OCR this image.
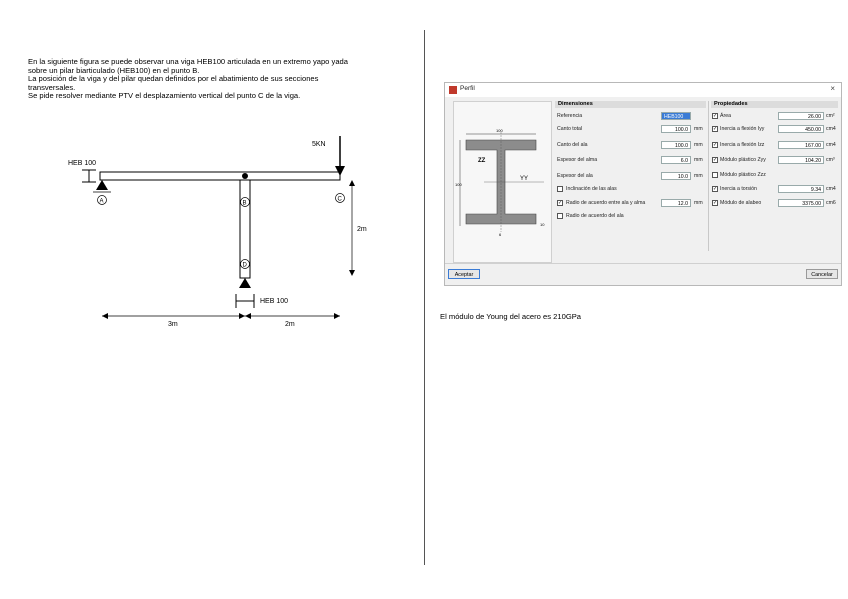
En la siguiente figura se puede observar una viga HEB100 articulada en un extremo yapo yada

sobre un pilar biarticulado (HEB100) en el punto B.

La posición de la viga y del pilar quedan definidos por el abatimiento de sus secciones

transversales.

Se pide resolver mediante PTV el desplazamiento vertical del punto C de la viga.

HEB 100
A	B
C
D
5KN
2m
HEB 100
3m	2m
Perfil	×
100
100
ZZ
YY
10
6
Dimensiones
Referencia	HEB100
Canto total	100.0	mm
Canto del ala	100.0	mm
Espesor del alma	6.0	mm
Espesor del ala	10.0	mm
Inclinación de las alas
✓ Radio de acuerdo entre ala y alma	12.0	mm
Radio de acuerdo del ala
Propiedades
✓ Área	26.00 cm²
✓ Inercia a flexión Iyy	450.00 cm4
✓ Inercia a flexión Izz	167.00 cm4
✓ Módulo plástico Zyy	104.20 cm³
Módulo plástico Zzz
✓ Inercia a torsión	9.34 cm4
✓ Módulo de alabeo	3375.00 cm6
Aceptar	Cancelar
El módulo de Young del acero es 210GPa
